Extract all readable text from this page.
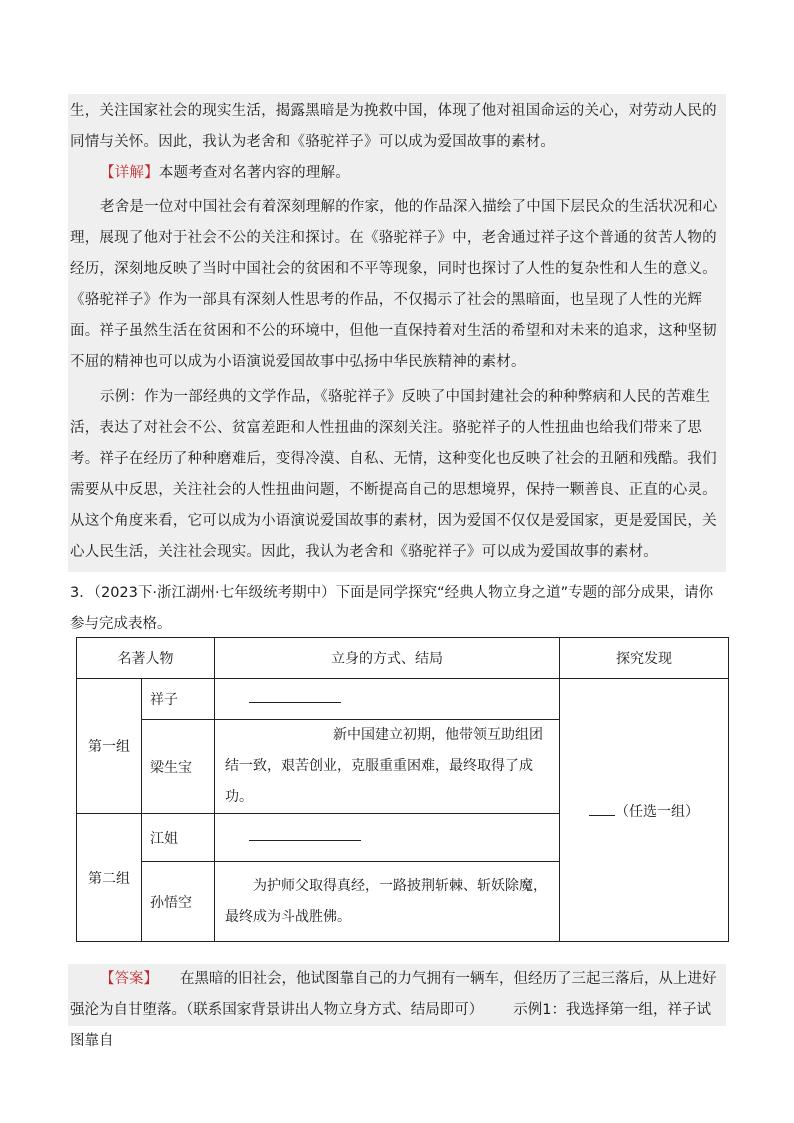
生，关注国家社会的现实生活，揭露黑暗是为挽救中国，体现了他对祖国命运的关心，对劳动人民的同情与关怀。因此，我认为老舍和《骆驼祥子》可以成为爱国故事的素材。

【详解】本题考查对名著内容的理解。

老舍是一位对中国社会有着深刻理解的作家，他的作品深入描绘了中国下层民众的生活状况和心理，展现了他对于社会不公的关注和探讨。在《骆驼祥子》中，老舍通过祥子这个普通的贫苦人物的经历，深刻地反映了当时中国社会的贫困和不平等现象，同时也探讨了人性的复杂性和人生的意义。《骆驼祥子》作为一部具有深刻人性思考的作品，不仅揭示了社会的黑暗面，也呈现了人性的光辉面。祥子虽然生活在贫困和不公的环境中，但他一直保持着对生活的希望和对未来的追求，这种坚韧不屈的精神也可以成为小语演说爱国故事中弘扬中华民族精神的素材。

示例：作为一部经典的文学作品，《骆驼祥子》反映了中国封建社会的种种弊病和人民的苦难生活，表达了对社会不公、贫富差距和人性扭曲的深刻关注。骆驼祥子的人性扭曲也给我们带来了思考。祥子在经历了种种磨难后，变得冷漠、自私、无情，这种变化也反映了社会的丑陋和残酷。我们需要从中反思，关注社会的人性扭曲问题，不断提高自己的思想境界，保持一颗善良、正直的心灵。从这个角度来看，它可以成为小语演说爱国故事的素材，因为爱国不仅仅是爱国家，更是爱国民，关心人民生活，关注社会现实。因此，我认为老舍和《骆驼祥子》可以成为爱国故事的素材。

3．（2023下·浙江湖州·七年级统考期中）下面是同学探究“经典人物立身之道”专题的部分成果，请你参与完成表格。

名著人物		立身的方式、结局	探究发现
第一组	祥子		（任选一组）
	梁生宝	新中国建立初期，他带领互助组团结一致，艰苦创业，克服重重困难，最终取得了成功。	
第二组	江姐		
	孙悟空	为护师父取得真经，一路披荆斩棘、斩妖除魔，最终成为斗战胜佛。	

【答案】 在黑暗的旧社会，他试图靠自己的力气拥有一辆车，但经历了三起三落后，从上进好强沦为自甘堕落。（联系国家背景讲出人物立身方式、结局即可） 示例1：我选择第一组，祥子试图靠自
